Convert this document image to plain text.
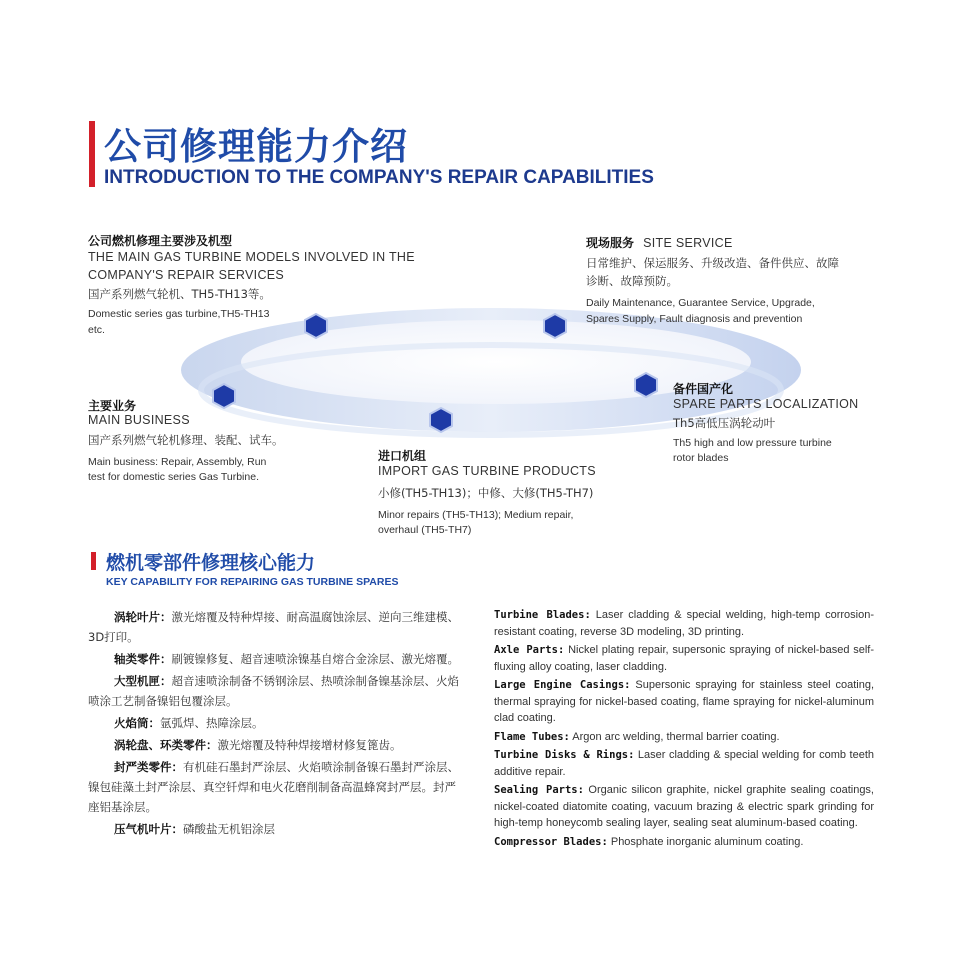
公司修理能力介绍
INTRODUCTION TO THE COMPANY'S REPAIR CAPABILITIES
公司燃机修理主要涉及机型
THE MAIN GAS TURBINE MODELS INVOLVED IN THE
COMPANY'S REPAIR SERVICES
国产系列燃气轮机、TH5-TH13等。
Domestic series gas turbine,TH5-TH13
etc.
现场服务 SITE SERVICE
日常维护、保运服务、升级改造、备件供应、故障
诊断、故障预防。
Daily Maintenance, Guarantee Service, Upgrade,
Spares Supply, Fault diagnosis and prevention
主要业务
MAIN BUSINESS
国产系列燃气轮机修理、装配、试车。
Main business: Repair, Assembly, Run
test for domestic series Gas Turbine.
备件国产化
SPARE PARTS LOCALIZATION
Th5高低压涡轮动叶
Th5 high and low pressure turbine
rotor blades
进口机组
IMPORT GAS TURBINE PRODUCTS
小修(TH5-TH13)；中修、大修(TH5-TH7)
Minor repairs (TH5-TH13); Medium repair,
overhaul (TH5-TH7)
燃机零部件修理核心能力
KEY CAPABILITY FOR REPAIRING GAS TURBINE SPARES
涡轮叶片：激光熔覆及特种焊接、耐高温腐蚀涂层、逆向三维建模、3D打印。
轴类零件：刷镀镍修复、超音速喷涂镍基自熔合金涂层、激光熔覆。
大型机匣：超音速喷涂制备不锈钢涂层、热喷涂制备镍基涂层、火焰喷涂工艺制备镍铝包覆涂层。
火焰筒：氩弧焊、热障涂层。
涡轮盘、环类零件：激光熔覆及特种焊接增材修复篦齿。
封严类零件：有机硅石墨封严涂层、火焰喷涂制备镍石墨封严涂层、镍包硅藻土封严涂层、真空钎焊和电火花磨削制备高温蜂窝封严层。封严座铝基涂层。
压气机叶片：磷酸盐无机铝涂层
Turbine Blades: Laser cladding & special welding, high-temp corrosion-resistant coating, reverse 3D modeling, 3D printing.
Axle Parts: Nickel plating repair, supersonic spraying of nickel-based self-fluxing alloy coating, laser cladding.
Large Engine Casings: Supersonic spraying for stainless steel coating, thermal spraying for nickel-based coating, flame spraying for nickel-aluminum clad coating.
Flame Tubes: Argon arc welding, thermal barrier coating.
Turbine Disks & Rings: Laser cladding & special welding for comb teeth additive repair.
Sealing Parts: Organic silicon graphite, nickel graphite sealing coatings, nickel-coated diatomite coating, vacuum brazing & electric spark grinding for high-temp honeycomb sealing layer, sealing seat aluminum-based coating.
Compressor Blades: Phosphate inorganic aluminum coating.
